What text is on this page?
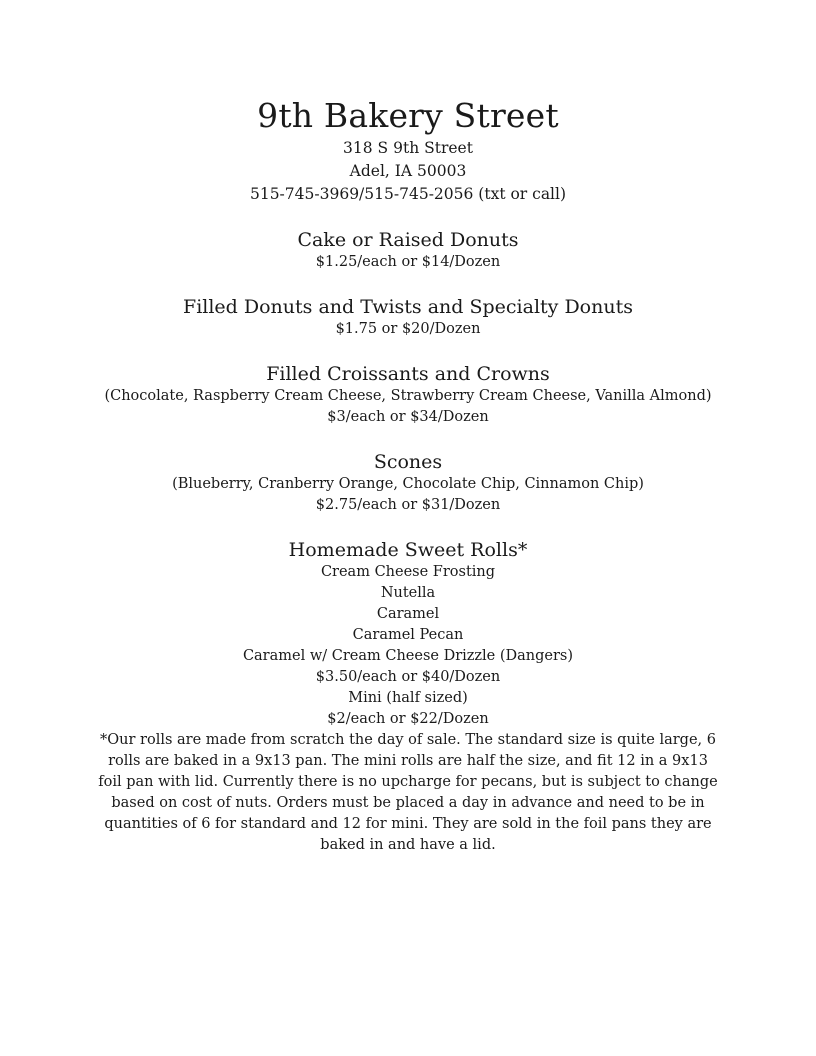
9th Bakery Street

318 S 9th Street

Adel, IA 50003

515-745-3969/515-745-2056 (txt or call)

Cake or Raised Donuts

$1.25/each or $14/Dozen

Filled Donuts and Twists and Specialty Donuts

$1.75 or $20/Dozen

Filled Croissants and Crowns

(Chocolate, Raspberry Cream Cheese, Strawberry Cream Cheese, Vanilla Almond)

$3/each or $34/Dozen

Scones

(Blueberry, Cranberry Orange, Chocolate Chip, Cinnamon Chip)

$2.75/each or $31/Dozen

Homemade Sweet Rolls*

Cream Cheese Frosting

Nutella

Caramel

Caramel Pecan

Caramel w/ Cream Cheese Drizzle (Dangers)

$3.50/each or $40/Dozen

Mini (half sized)

$2/each or $22/Dozen

*Our rolls are made from scratch the day of sale. The standard size is quite large, 6 rolls are baked in a 9x13 pan. The mini rolls are half the size, and fit 12 in a 9x13 foil pan with lid. Currently there is no upcharge for pecans, but is subject to change based on cost of nuts. Orders must be placed a day in advance and need to be in quantities of 6 for standard and 12 for mini. They are sold in the foil pans they are baked in and have a lid.
